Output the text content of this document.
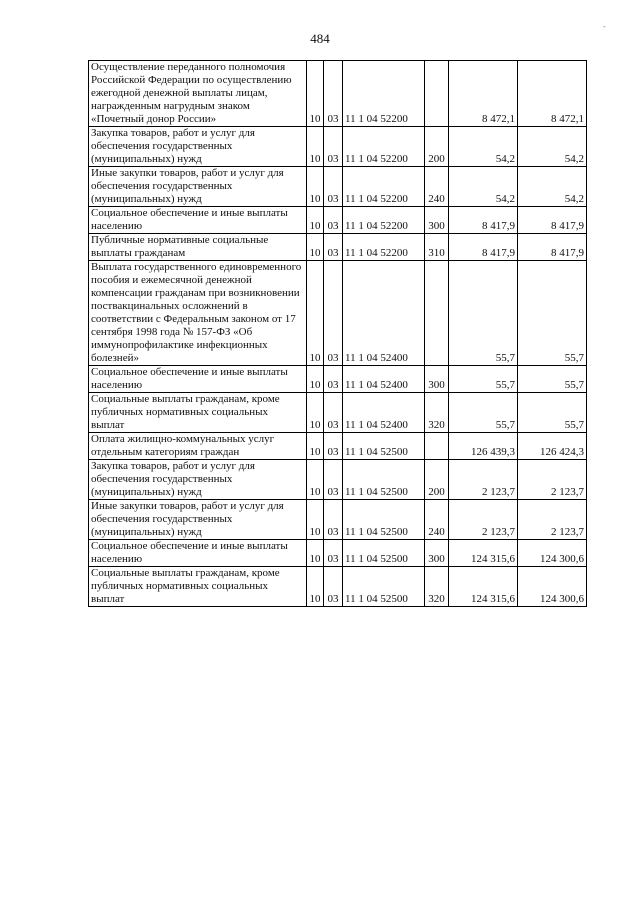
484
-
Осуществление переданного полномочия Российской Федерации по осуществлению ежегодной денежной выплаты лицам, награжденным нагрудным знаком «Почетный донор России»	10	03	11 1 04 52200		8 472,1	8 472,1
Закупка товаров, работ и услуг для обеспечения государственных (муниципальных) нужд	10	03	11 1 04 52200	200	54,2	54,2
Иные закупки товаров, работ и услуг для обеспечения государственных (муниципальных) нужд	10	03	11 1 04 52200	240	54,2	54,2
Социальное обеспечение и иные выплаты населению	10	03	11 1 04 52200	300	8 417,9	8 417,9
Публичные нормативные социальные выплаты гражданам	10	03	11 1 04 52200	310	8 417,9	8 417,9
Выплата государственного единовременного пособия и ежемесячной денежной компенсации гражданам при возникновении поствакцинальных осложнений в соответствии с Федеральным законом от 17 сентября 1998 года № 157-ФЗ «Об иммунопрофилактике инфекционных болезней»	10	03	11 1 04 52400		55,7	55,7
Социальное обеспечение и иные выплаты населению	10	03	11 1 04 52400	300	55,7	55,7
Социальные выплаты гражданам, кроме публичных нормативных социальных выплат	10	03	11 1 04 52400	320	55,7	55,7
Оплата жилищно-коммунальных услуг отдельным категориям граждан	10	03	11 1 04 52500		126 439,3	126 424,3
Закупка товаров, работ и услуг для обеспечения государственных (муниципальных) нужд	10	03	11 1 04 52500	200	2 123,7	2 123,7
Иные закупки товаров, работ и услуг для обеспечения государственных (муниципальных) нужд	10	03	11 1 04 52500	240	2 123,7	2 123,7
Социальное обеспечение и иные выплаты населению	10	03	11 1 04 52500	300	124 315,6	124 300,6
Социальные выплаты гражданам, кроме публичных нормативных социальных выплат	10	03	11 1 04 52500	320	124 315,6	124 300,6
